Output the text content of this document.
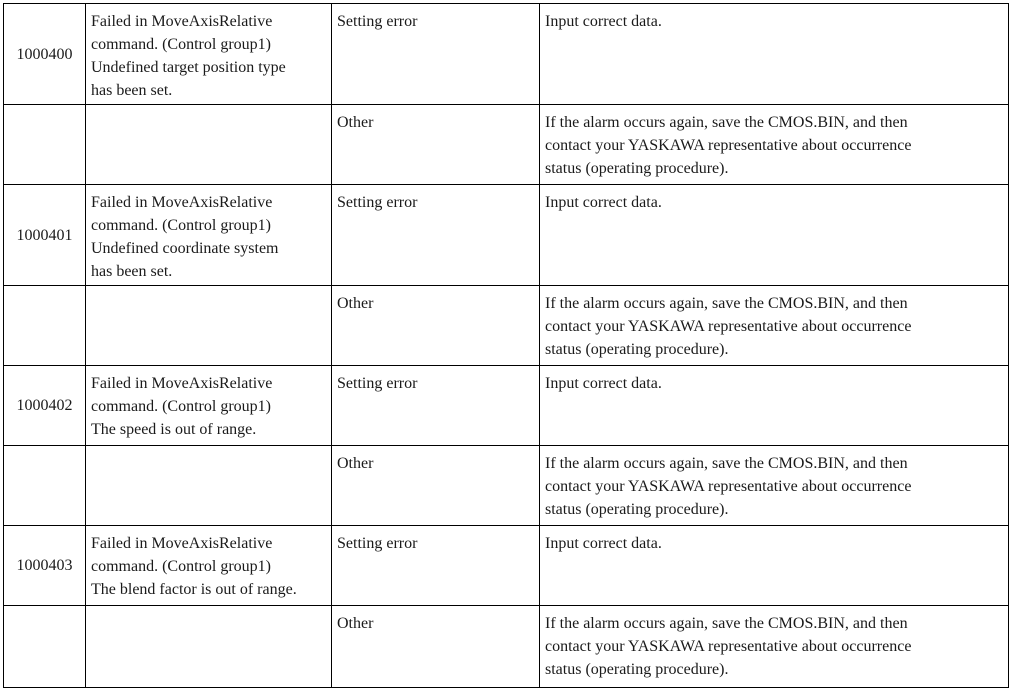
1000400	Failed in MoveAxisRelative
command. (Control group1)
Undefined target position type
has been set.	Setting error	Input correct data.

		Other	If the alarm occurs again, save the CMOS.BIN, and then
contact your YASKAWA representative about occurrence
status (operating procedure).

1000401	Failed in MoveAxisRelative
command. (Control group1)
Undefined coordinate system
has been set.	Setting error	Input correct data.

		Other	If the alarm occurs again, save the CMOS.BIN, and then
contact your YASKAWA representative about occurrence
status (operating procedure).

1000402	Failed in MoveAxisRelative
command. (Control group1)
The speed is out of range.	Setting error	Input correct data.

		Other	If the alarm occurs again, save the CMOS.BIN, and then
contact your YASKAWA representative about occurrence
status (operating procedure).

1000403	Failed in MoveAxisRelative
command. (Control group1)
The blend factor is out of range.	Setting error	Input correct data.

		Other	If the alarm occurs again, save the CMOS.BIN, and then
contact your YASKAWA representative about occurrence
status (operating procedure).
